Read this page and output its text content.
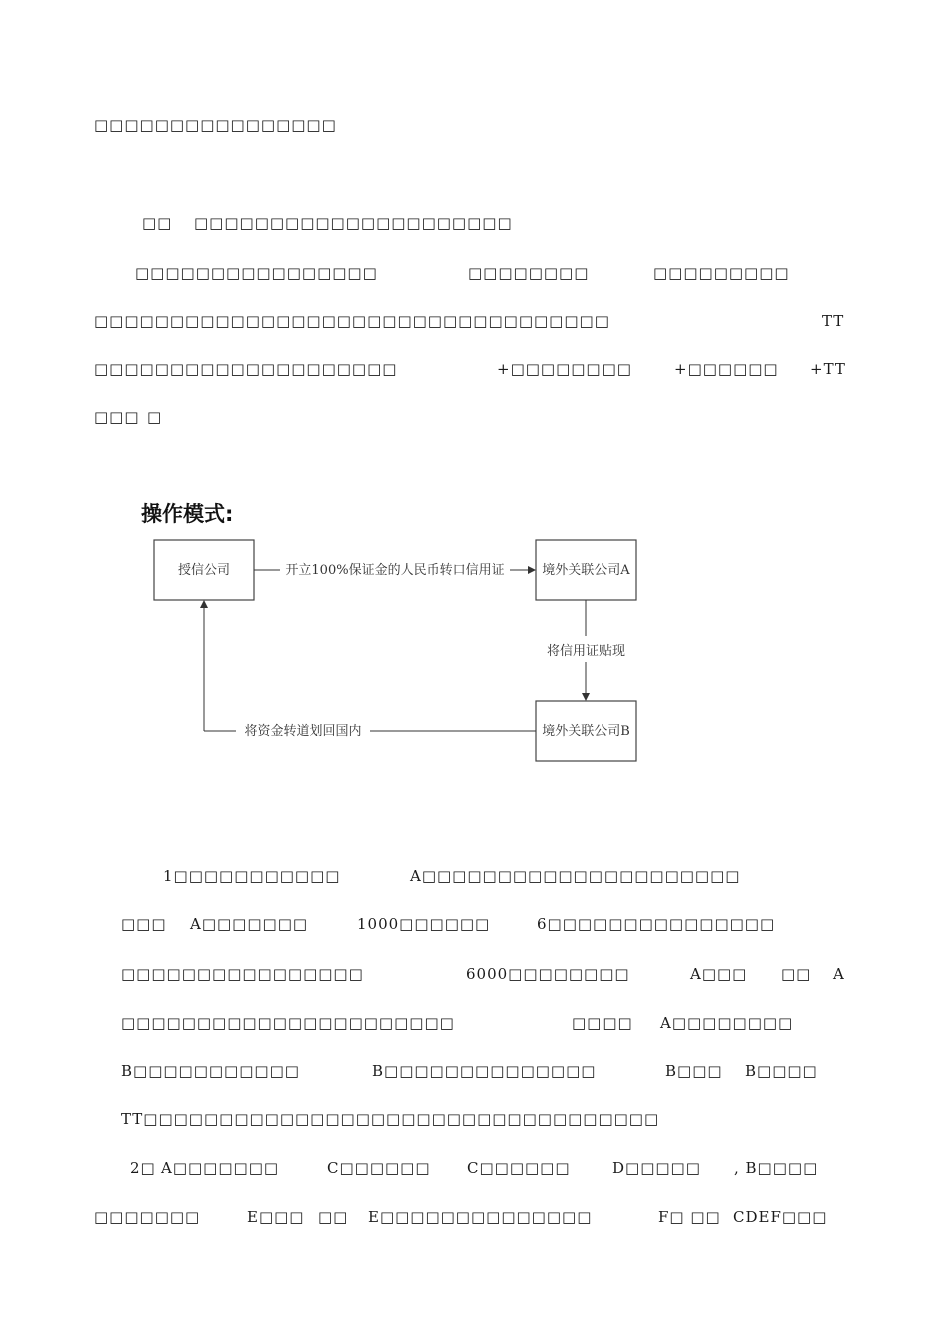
□□□□□□□□□□□□□□□□
□□ □□□□□□□□□□□□□□□□□□□□□
□□□□□□□□□□□□□□□□	□□□□□□□□	□□□□□□□□□
□□□□□□□□□□□□□□□□□□□□□□□□□□□□□□□□□□	TT
□□□□□□□□□□□□□□□□□□□□	+□□□□□□□□	+□□□□□□ +TT
□□□ □
操作模式:
授信公司	境外关联公司A
境外关联公司B
开立100%保证金的人民币转口信用证
将信用证贴现
将资金转道划回国内
1□□□□□□□□□□□	A□□□□□□□□□□□□□□□□□□□□□
□□□ A□□□□□□□	1000□□□□□□	6□□□□□□□□□□□□□□□
□□□□□□□□□□□□□□□□	6000□□□□□□□□	A□□□ □□ A
□□□□□□□□□□□□□□□□□□□□□□	□□□□ A□□□□□□□□
B□□□□□□□□□□□	B□□□□□□□□□□□□□□	B□□□ B□□□□
TT□□□□□□□□□□□□□□□□□□□□□□□□□□□□□□□□□□
2□ A□□□□□□□	C□□□□□□ C□□□□□□	D□□□□□ , B□□□□
□□□□□□□	E□□□ □□ E□□□□□□□□□□□□□□	F□ □□ CDEF□□□
